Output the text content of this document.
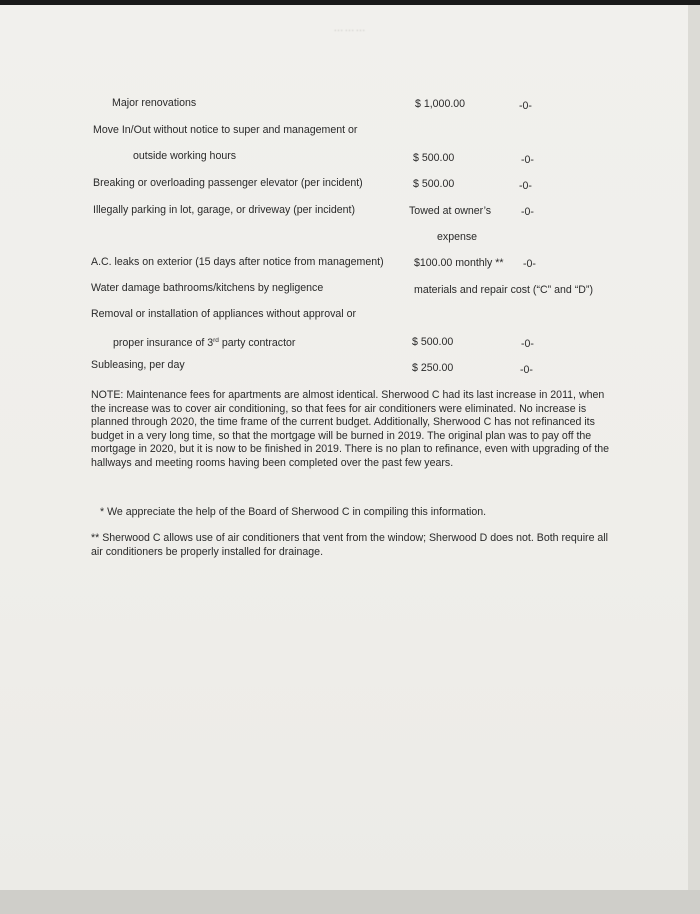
………
Major renovations	$ 1,000.00	-0-
Move In/Out without notice to super and management or
outside working hours	$ 500.00	-0-
Breaking or overloading passenger elevator (per incident)	$ 500.00	-0-
Illegally parking in lot, garage, or driveway (per incident)	Towed at owner’s	-0-
expense
A.C. leaks on exterior (15 days after notice from management)	$100.00 monthly ** -0-
Water damage bathrooms/kitchens by negligence	materials and repair cost (“C” and “D”)
Removal or installation of appliances without approval or
proper insurance of 3rd party contractor	$ 500.00	-0-
Subleasing, per day	$ 250.00	-0-
NOTE: Maintenance fees for apartments are almost identical. Sherwood C had its last increase in 2011, when the increase was to cover air conditioning, so that fees for air conditioners were eliminated. No increase is planned through 2020, the time frame of the current budget. Additionally, Sherwood C has not refinanced its budget in a very long time, so that the mortgage will be burned in 2019. The original plan was to pay off the mortgage in 2020, but it is now to be finished in 2019. There is no plan to refinance, even with upgrading of the hallways and meeting rooms having been completed over the past few years.
* We appreciate the help of the Board of Sherwood C in compiling this information.
** Sherwood C allows use of air conditioners that vent from the window; Sherwood D does not. Both require all air conditioners be properly installed for drainage.
